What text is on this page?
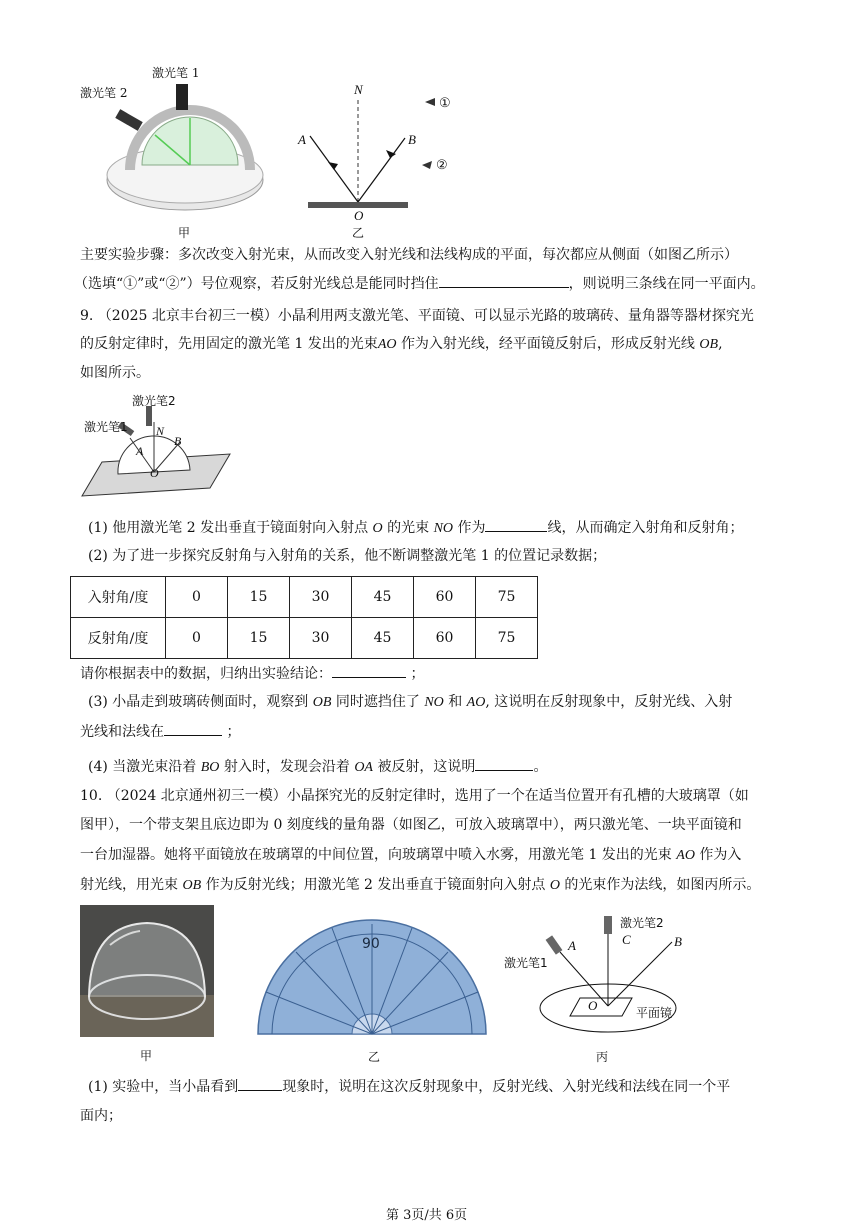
激光笔 1
激光笔 2
甲
N
A	B
O
①
②
乙
主要实验步骤：多次改变入射光束，从而改变入射光线和法线构成的平面，每次都应从侧面（如图乙所示）
（选填“①”或“②”）号位观察，若反射光线总是能同时挡住	，则说明三条线在同一平面内。
9. （2025 北京丰台初三一模）小晶利用两支激光笔、平面镜、可以显示光路的玻璃砖、量角器等器材探究光
的反射定律时，先用固定的激光笔 1 发出的光束AO 作为入射光线，经平面镜反射后，形成反射光线 OB,
如图所示。
激光笔2
激光笔1 N
A
B
O
(1) 他用激光笔 2 发出垂直于镜面射向入射点 O 的光束 NO 作为	线，从而确定入射角和反射角；
(2) 为了进一步探究反射角与入射角的关系，他不断调整激光笔 1 的位置记录数据；
入射角/度	0	15	30	45	60	75
反射角/度	0	15	30	45	60	75
请你根据表中的数据，归纳出实验结论：	；
(3) 小晶走到玻璃砖侧面时，观察到 OB 同时遮挡住了 NO 和 AO, 这说明在反射现象中，反射光线、入射
光线和法线在	；
(4) 当激光束沿着 BO 射入时，发现会沿着 OA 被反射，这说明	。
10. （2024 北京通州初三一模）小晶探究光的反射定律时，选用了一个在适当位置开有孔槽的大玻璃罩（如
图甲），一个带支架且底边即为 0 刻度线的量角器（如图乙，可放入玻璃罩中），两只激光笔、一块平面镜和
一台加湿器。她将平面镜放在玻璃罩的中间位置，向玻璃罩中喷入水雾，用激光笔 1 发出的光束 AO 作为入
射光线，用光束 OB 作为反射光线；用激光笔 2 发出垂直于镜面射向入射点 O 的光束作为法线，如图丙所示。
甲
90
乙
激光笔2
C	B
A
激光笔1
O	平面镜
丙
(1) 实验中，当小晶看到	现象时，说明在这次反射现象中，反射光线、入射光线和法线在同一个平
面内；
第 3页/共 6页
